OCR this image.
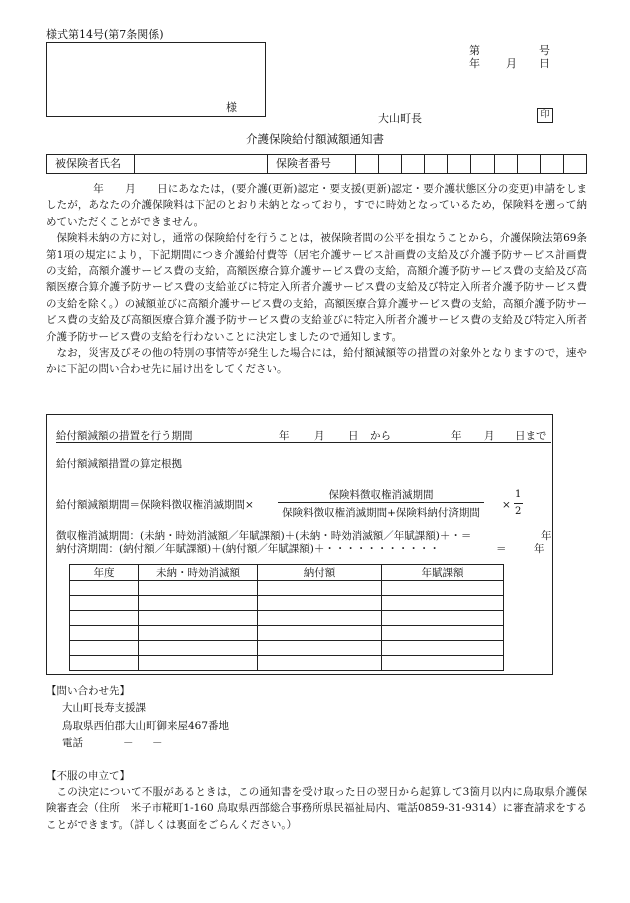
様式第14号(第7条関係)
様
第	号
年 月 日
大山町長	印
介護保険給付額減額通知書
被保険者氏名	保険者番号

年　　月　　日にあなたは，(要介護(更新)認定・要支援(更新)認定・要介護状態区分の変更)申請をしましたが，あなたの介護保険料は下記のとおり未納となっており，すでに時効となっているため，保険料を遡って納めていただくことができません。

保険料未納の方に対し，通常の保険給付を行うことは，被保険者間の公平を損なうことから，介護保険法第69条第1項の規定により，下記期間につき介護給付費等（居宅介護サービス計画費の支給及び介護予防サービス計画費の支給，高額介護サービス費の支給，高額医療合算介護サービス費の支給，高額介護予防サービス費の支給及び高額医療合算介護予防サービス費の支給並びに特定入所者介護サービス費の支給及び特定入所者介護予防サービス費の支給を除く。）の減額並びに高額介護サービス費の支給，高額医療合算介護サービス費の支給，高額介護予防サービス費の支給及び高額医療合算介護予防サービス費の支給並びに特定入所者介護サービス費の支給及び特定入所者介護予防サービス費の支給を行わないことに決定しましたので通知します。

なお，災害及びその他の特別の事情等が発生した場合には，給付額減額等の措置の対象外となりますので，速やかに下記の問い合わせ先に届け出をしてください。

給付額減額の措置を行う期間	年 月 日 から	年 月 日まで
給付額減額措置の算定根拠
給付額減額期間＝保険料徴収権消滅期間×
保険料徴収権消滅期間
保険料徴収権消滅期間+保険料納付済期間
×
1
2
徴収権消滅期間：(未納・時効消滅額／年賦課額)＋(未納・時効消滅額／年賦課額)＋・＝	年
納付済期間：(納付額／年賦課額)＋(納付額／年賦課額)＋・・・・・・・・・・・	＝	年
年度	未納・時効消滅額	納付額	年賦課額

【問い合わせ先】
大山町長寿支援課
鳥取県西伯郡大山町御来屋467番地
電話	－　－
【不服の申立て】

この決定について不服があるときは，この通知書を受け取った日の翌日から起算して3箇月以内に鳥取県介護保険審査会（住所　米子市糀町1-160 鳥取県西部総合事務所県民福祉局内、電話0859-31-9314）に審査請求をすることができます。（詳しくは裏面をごらんください。）
